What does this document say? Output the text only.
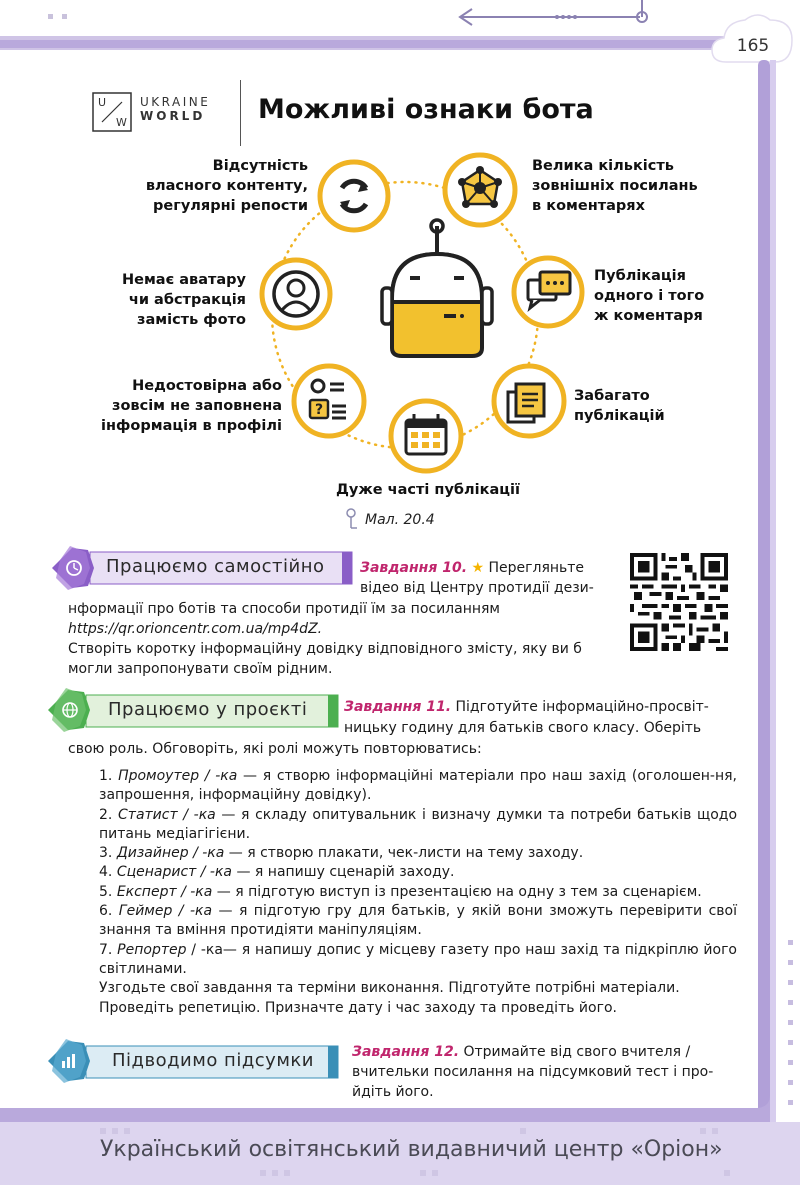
165
U
W
UKRAINE
WORLD Можливі ознаки бота
?
Відсутність
власного контенту,
регулярні репости
Велика кількість
зовнішніх посилань
в коментарях
Немає аватару
чи абстракція
замість фото
Публікація
одного і того
ж коментаря
Недостовірна або
зовсім не заповнена
інформація в профілі
Забагато
публікацій
Дуже часті публікації
Мал. 20.4
Працюємо самостійно	Завдання 10. ★ Перегляньте
відео від Центру протидії дези-
нформації про ботів та способи протидії їм за посиланням
https://qr.orioncentr.com.ua/mp4dZ.
Створіть коротку інформаційну довідку відповідного змісту, яку ви б
могли запропонувати своїм рідним.
Працюємо у проєкті	Завдання 11. Підготуйте інформаційно-просвіт-
ницьку годину для батьків свого класу. Оберіть
свою роль. Обговоріть, які ролі можуть повторюватись:
1. Промоутер / -ка — я створю інформаційні матеріали про наш захід (оголошен-ня, запрошення, інформаційну довідку).
2. Статист / -ка — я складу опитувальник і визначу думки та потреби батьків щодо питань медіагігієни.
3. Дизайнер / -ка — я створю плакати, чек-листи на тему заходу.
4. Сценарист / -ка — я напишу сценарій заходу.
5. Експерт / -ка — я підготую виступ із презентацією на одну з тем за сценарієм.
6. Геймер / -ка — я підготую гру для батьків, у якій вони зможуть перевірити свої знання та вміння протидіяти маніпуляціям.
7. Репортер / -ка— я напишу допис у місцеву газету про наш захід та підкріплю його світлинами.
Узгодьте свої завдання та терміни виконання. Підготуйте потрібні матеріали.
Проведіть репетицію. Призначте дату і час заходу та проведіть його.
Підводимо підсумки	Завдання 12. Отримайте від свого вчителя /
вчительки посилання на підсумковий тест і про-
йдіть його.
Український освітянський видавничий центр «Оріон»
